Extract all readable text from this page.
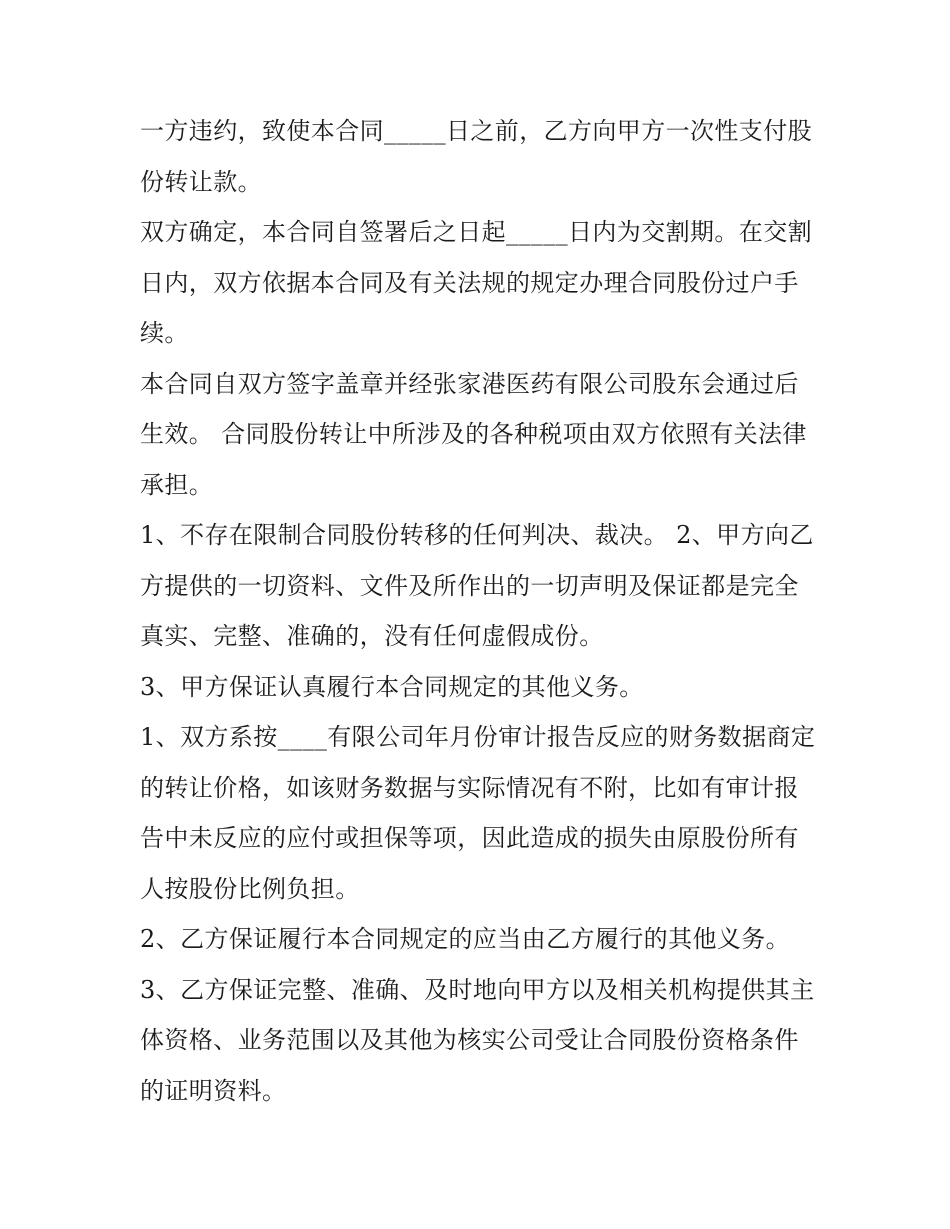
一方违约，致使本合同_____日之前，乙方向甲方一次性支付股份转让款。

双方确定，本合同自签署后之日起_____日内为交割期。在交割日内，双方依据本合同及有关法规的规定办理合同股份过户手续。

本合同自双方签字盖章并经张家港医药有限公司股东会通过后生效。 合同股份转让中所涉及的各种税项由双方依照有关法律承担。

1、不存在限制合同股份转移的任何判决、裁决。 2、甲方向乙方提供的一切资料、文件及所作出的一切声明及保证都是完全真实、完整、准确的，没有任何虚假成份。

3、甲方保证认真履行本合同规定的其他义务。

1、双方系按____有限公司年月份审计报告反应的财务数据商定的转让价格，如该财务数据与实际情况有不附，比如有审计报告中未反应的应付或担保等项，因此造成的损失由原股份所有人按股份比例负担。

2、乙方保证履行本合同规定的应当由乙方履行的其他义务。

3、乙方保证完整、准确、及时地向甲方以及相关机构提供其主体资格、业务范围以及其他为核实公司受让合同股份资格条件的证明资料。
